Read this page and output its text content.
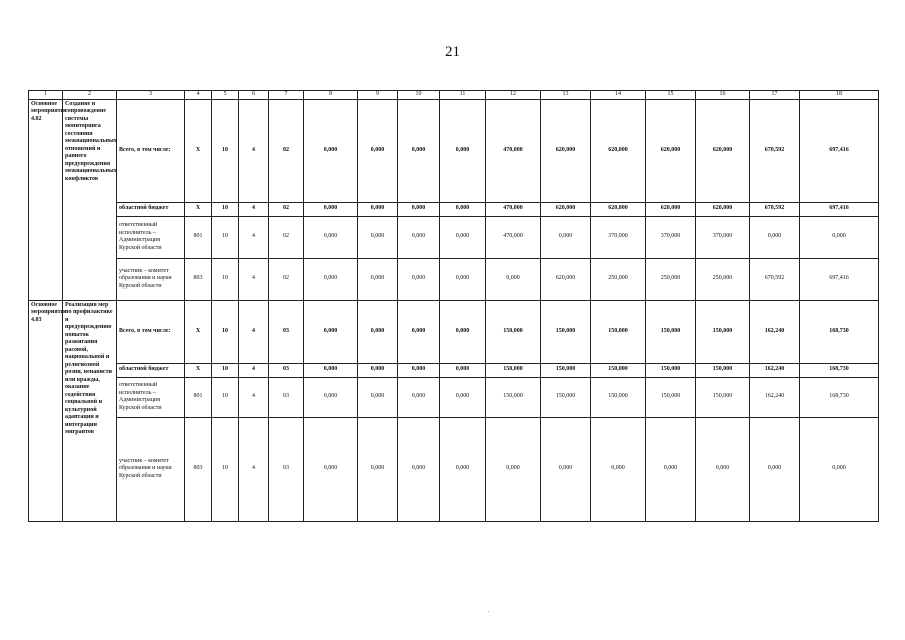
21
1	2	3	4	5	6	7	8	9	10	11	12	13	14	15	16	17	18
Основное мероприятие 4.02	Создание и сопровождение системы мониторинга состояния межнациональных отношений и раннего предупреждения межнациональных конфликтов	Всего, в том числе:	X	10	4	02	0,000	0,000	0,000	0,000	470,000	620,000	620,000	620,000	620,000	670,592	697,416
		областной бюджет	X	10	4	02	0,000	0,000	0,000	0,000	470,000	620,000	620,000	620,000	620,000	670,592	697,416
		ответственный исполнитель – Администрация Курской области	801	10	4	02	0,000	0,000	0,000	0,000	470,000	0,000	370,000	370,000	370,000	0,000	0,000
		участник – комитет образования и науки Курской области	803	10	4	02	0,000	0,000	0,000	0,000	0,000	620,000	250,000	250,000	250,000	670,592	697,416
Основное мероприятие 4.03	Реализация мер по профилактике и предупреждению попыток разжигания расовой, национальной и религиозной розни, ненависти или вражды, оказание содействия социальной и культурной адаптации и интеграции мигрантов	Всего, в том числе:	X	10	4	03	0,000	0,000	0,000	0,000	150,000	150,000	150,000	150,000	150,000	162,240	168,730
		областной бюджет	X	10	4	03	0,000	0,000	0,000	0,000	150,000	150,000	150,000	150,000	150,000	162,240	168,730
		ответственный исполнитель – Администрация Курской области	801	10	4	03	0,000	0,000	0,000	0,000	150,000	150,000	150,000	150,000	150,000	162,240	168,730
		участник – комитет образования и науки Курской области	803	10	4	03	0,000	0,000	0,000	0,000	0,000	0,000	0,000	0,000	0,000	0,000	0,000
.
